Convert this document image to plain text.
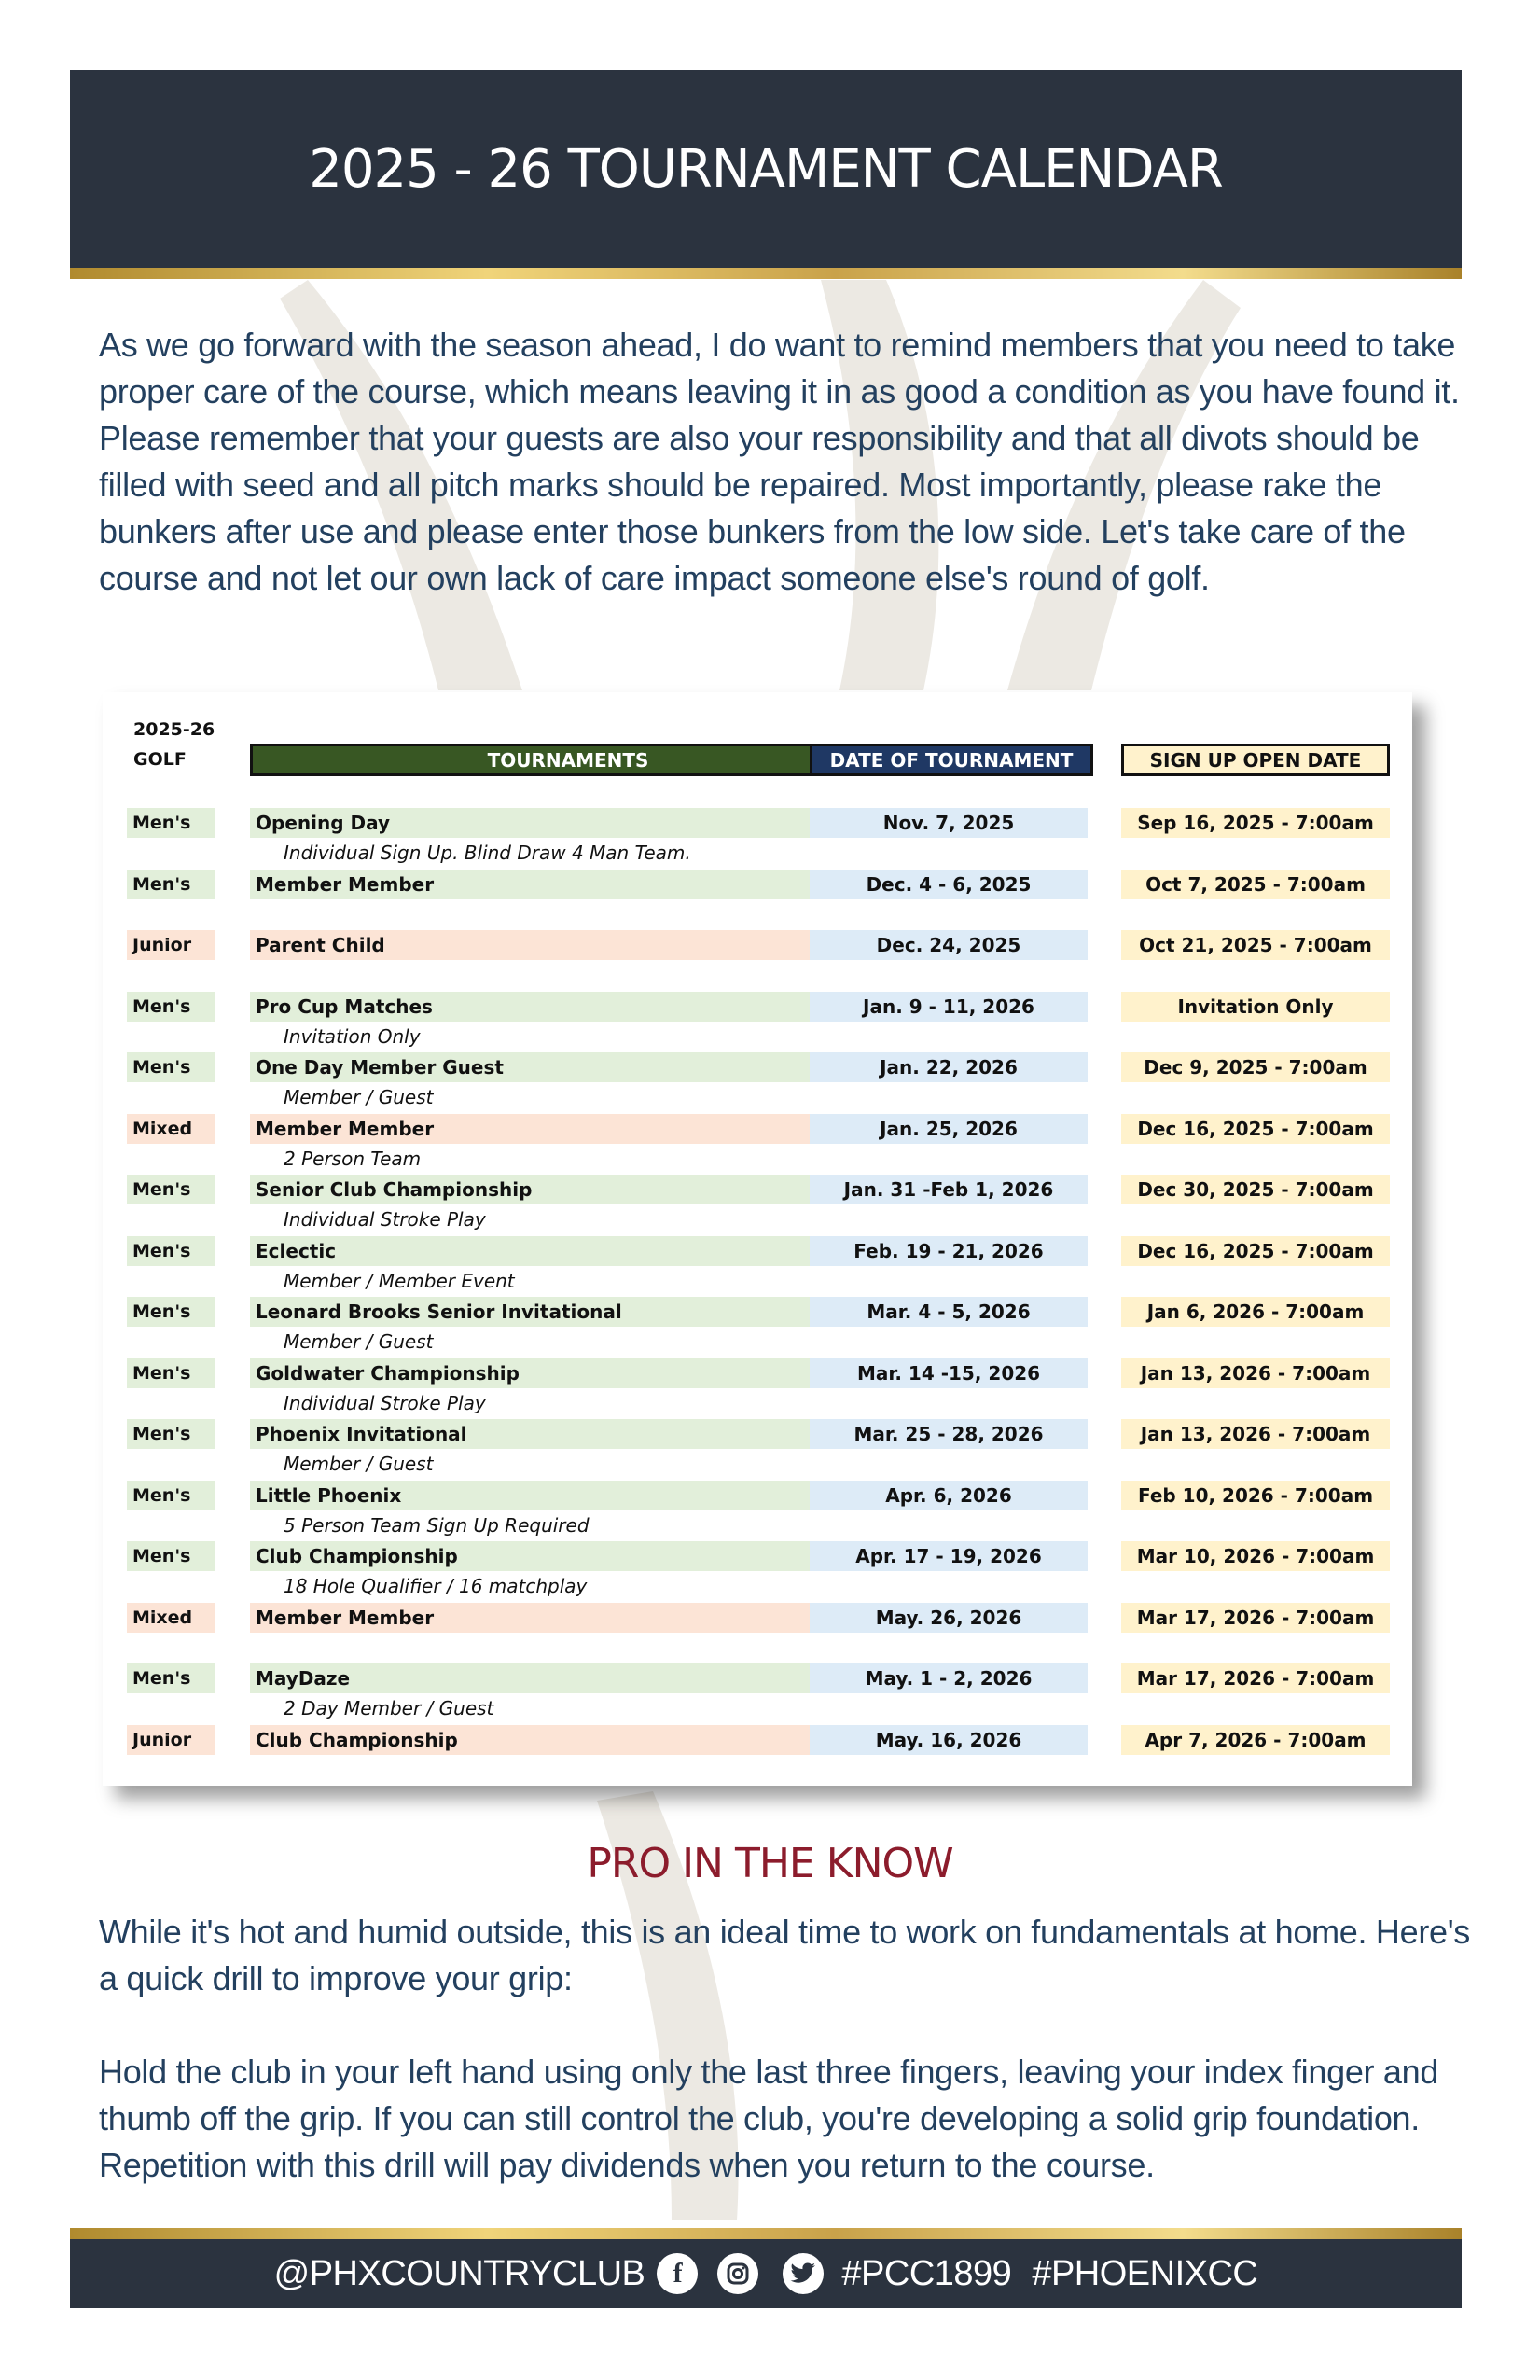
2025 - 26 TOURNAMENT CALENDAR
As we go forward with the season ahead, I do want to remind members that you need to take proper care of the course, which means leaving it in as good a condition as you have found it. Please remember that your guests are also your responsibility and that all divots should be filled with seed and all pitch marks should be repaired. Most importantly, please rake the bunkers after use and please enter those bunkers from the low side. Let's take care of the course and not let our own lack of care impact someone else's round of golf.
2025-26
GOLF	TOURNAMENTS	DATE OF TOURNAMENT	SIGN UP OPEN DATE
Men's	Opening Day	Nov. 7, 2025	Sep 16, 2025 - 7:00am
Individual Sign Up. Blind Draw 4 Man Team.
Men's	Member Member	Dec. 4 - 6, 2025	Oct 7, 2025 - 7:00am
Junior	Parent Child	Dec. 24, 2025	Oct 21, 2025 - 7:00am
Men's	Pro Cup Matches	Jan. 9 - 11, 2026	Invitation Only
Invitation Only
Men's	One Day Member Guest	Jan. 22, 2026	Dec 9, 2025 - 7:00am
Member / Guest
Mixed	Member Member	Jan. 25, 2026	Dec 16, 2025 - 7:00am
2 Person Team
Men's	Senior Club Championship	Jan. 31 -Feb 1, 2026	Dec 30, 2025 - 7:00am
Individual Stroke Play
Men's	Eclectic	Feb. 19 - 21, 2026	Dec 16, 2025 - 7:00am
Member / Member Event
Men's	Leonard Brooks Senior Invitational	Mar. 4 - 5, 2026	Jan 6, 2026 - 7:00am
Member / Guest
Men's	Goldwater Championship	Mar. 14 -15, 2026	Jan 13, 2026 - 7:00am
Individual Stroke Play
Men's	Phoenix Invitational	Mar. 25 - 28, 2026	Jan 13, 2026 - 7:00am
Member / Guest
Men's	Little Phoenix	Apr. 6, 2026	Feb 10, 2026 - 7:00am
5 Person Team Sign Up Required
Men's	Club Championship	Apr. 17 - 19, 2026	Mar 10, 2026 - 7:00am
18 Hole Qualifier / 16 matchplay
Mixed	Member Member	May. 26, 2026	Mar 17, 2026 - 7:00am
Men's	MayDaze	May. 1 - 2, 2026	Mar 17, 2026 - 7:00am
2 Day Member / Guest
Junior	Club Championship	May. 16, 2026	Apr 7, 2026 - 7:00am
PRO IN THE KNOW
While it's hot and humid outside, this is an ideal time to work on fundamentals at home. Here's a quick drill to improve your grip:
Hold the club in your left hand using only the last three fingers, leaving your index finger and thumb off the grip. If you can still control the club, you're developing a solid grip foundation. Repetition with this drill will pay dividends when you return to the course.
@PHXCOUNTRYCLUB	f	#PCC1899 #PHOENIXCC
